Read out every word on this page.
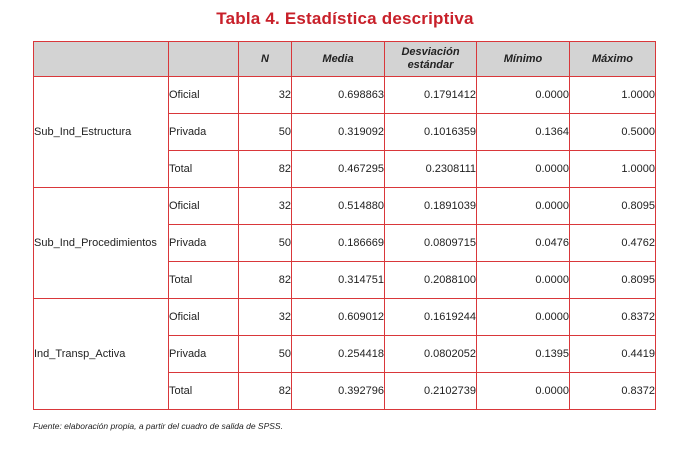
Tabla 4. Estadística descriptiva
		N	Media	Desviación estándar	Mínimo	Máximo
Sub_Ind_Estructura	Oficial	32	0.698863	0.1791412	0.0000	1.0000
	Privada	50	0.319092	0.1016359	0.1364	0.5000
	Total	82	0.467295	0.2308111	0.0000	1.0000
Sub_Ind_Procedimientos	Oficial	32	0.514880	0.1891039	0.0000	0.8095
	Privada	50	0.186669	0.0809715	0.0476	0.4762
	Total	82	0.314751	0.2088100	0.0000	0.8095
Ind_Transp_Activa	Oficial	32	0.609012	0.1619244	0.0000	0.8372
	Privada	50	0.254418	0.0802052	0.1395	0.4419
	Total	82	0.392796	0.2102739	0.0000	0.8372
Fuente: elaboración propia, a partir del cuadro de salida de SPSS.
